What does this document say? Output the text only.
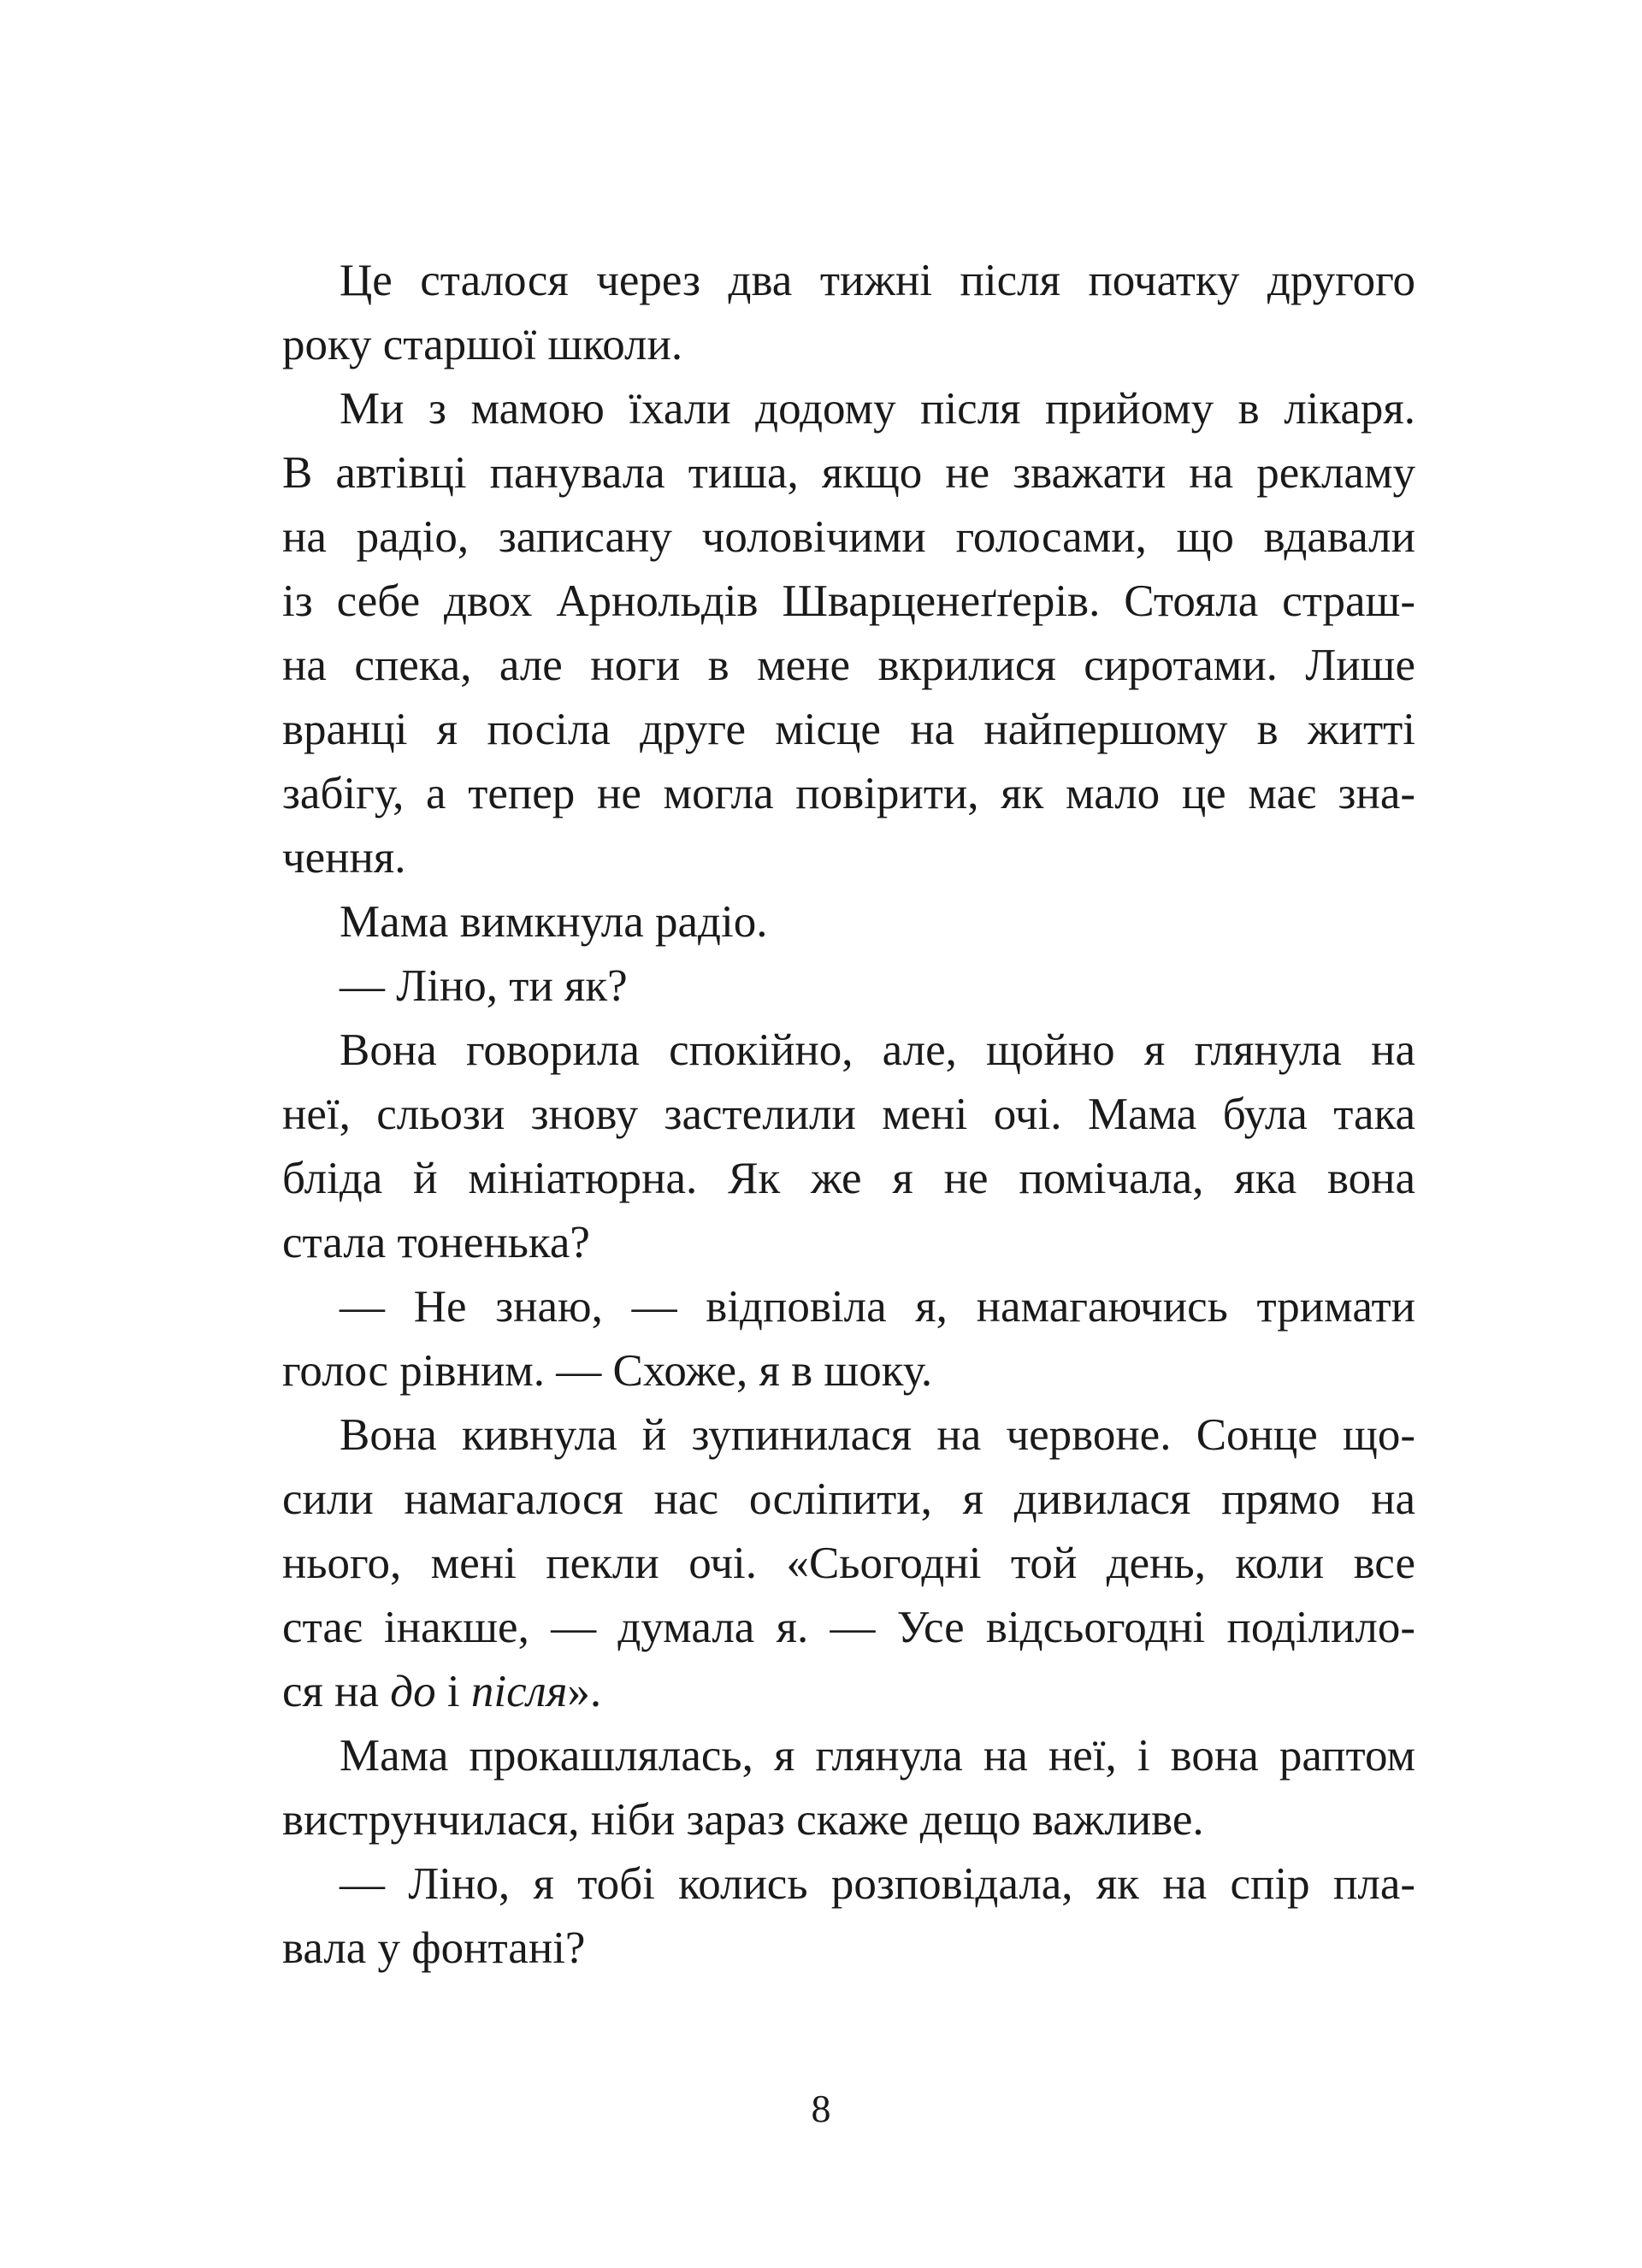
Це сталося через два тижні після початку другого
року старшої школи.
Ми з мамою їхали додому після прийому в лікаря.
В автівці панувала тиша, якщо не зважати на рекламу
на радіо, записану чоловічими голосами, що вдавали
із себе двох Арнольдів Шварценеґґерів. Стояла страш-
на спека, але ноги в мене вкрилися сиротами. Лише
вранці я посіла друге місце на найпершому в житті
забігу, а тепер не могла повірити, як мало це має зна-
чення.
Мама вимкнула радіо.
— Ліно, ти як?
Вона говорила спокійно, але, щойно я глянула на
неї, сльози знову застелили мені очі. Мама була така
бліда й мініатюрна. Як же я не помічала, яка вона
стала тоненька?
— Не знаю, — відповіла я, намагаючись тримати
голос рівним. — Схоже, я в шоку.
Вона кивнула й зупинилася на червоне. Сонце що-
сили намагалося нас осліпити, я дивилася прямо на
нього, мені пекли очі. «Сьогодні той день, коли все
стає інакше, — думала я. — Усе відсьогодні поділило-
ся на до і після».
Мама прокашлялась, я глянула на неї, і вона раптом
виструнчилася, ніби зараз скаже дещо важливе.
— Ліно, я тобі колись розповідала, як на спір пла-
вала у фонтані?
8
